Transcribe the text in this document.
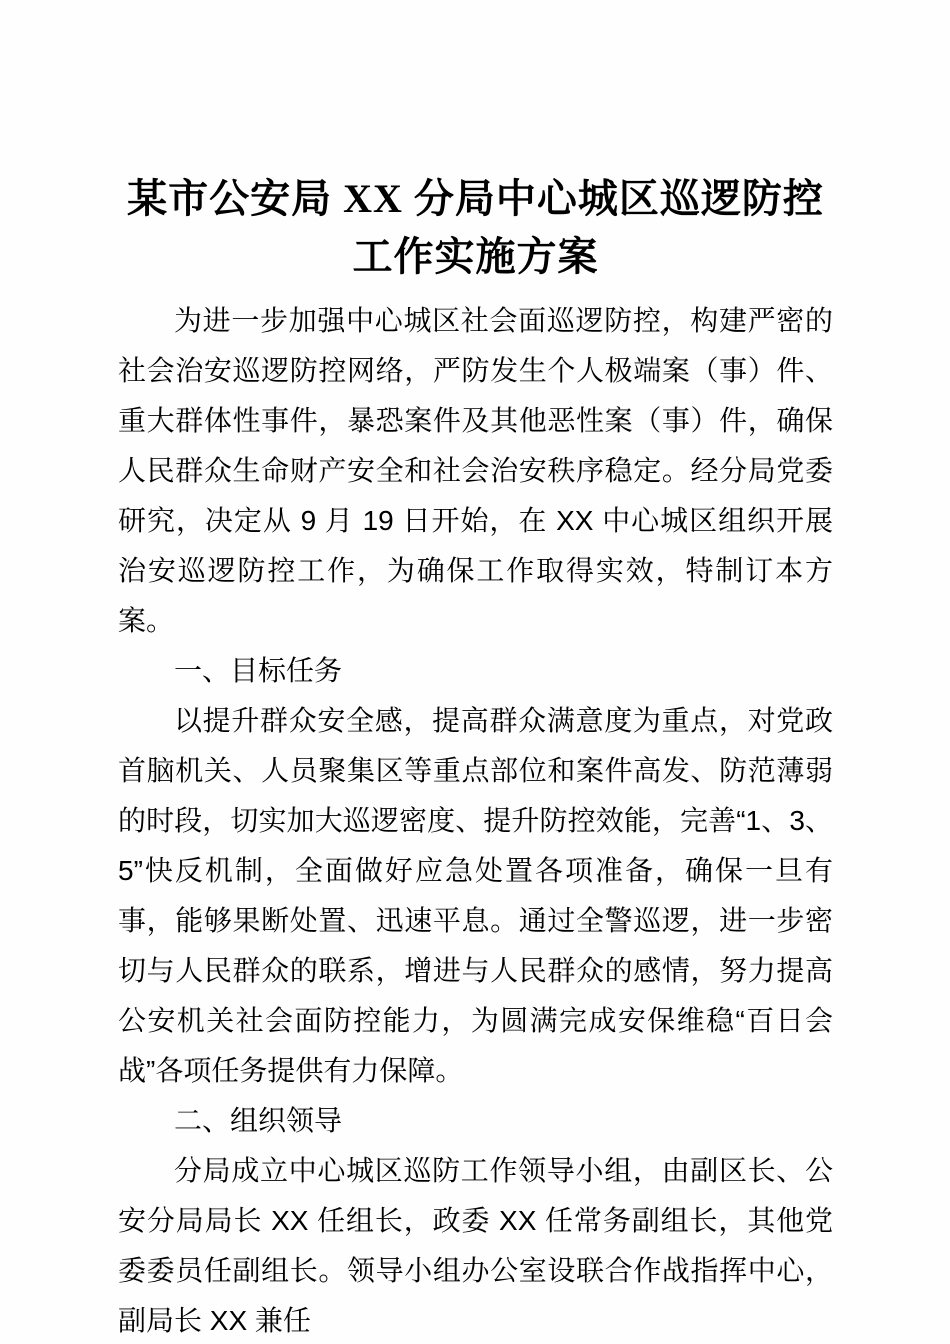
某市公安局 XX 分局中心城区巡逻防控工作实施方案

为进一步加强中心城区社会面巡逻防控，构建严密的社会治安巡逻防控网络，严防发生个人极端案（事）件、重大群体性事件，暴恐案件及其他恶性案（事）件，确保人民群众生命财产安全和社会治安秩序稳定。经分局党委研究，决定从 9 月 19 日开始，在 XX 中心城区组织开展治安巡逻防控工作，为确保工作取得实效，特制订本方案。

一、目标任务

以提升群众安全感，提高群众满意度为重点，对党政首脑机关、人员聚集区等重点部位和案件高发、防范薄弱的时段，切实加大巡逻密度、提升防控效能，完善“1、3、5”快反机制，全面做好应急处置各项准备，确保一旦有事，能够果断处置、迅速平息。通过全警巡逻，进一步密切与人民群众的联系，增进与人民群众的感情，努力提高公安机关社会面防控能力，为圆满完成安保维稳“百日会战”各项任务提供有力保障。

二、组织领导

分局成立中心城区巡防工作领导小组，由副区长、公安分局局长 XX 任组长，政委 XX 任常务副组长，其他党委委员任副组长。领导小组办公室设联合作战指挥中心，副局长 XX 兼任
